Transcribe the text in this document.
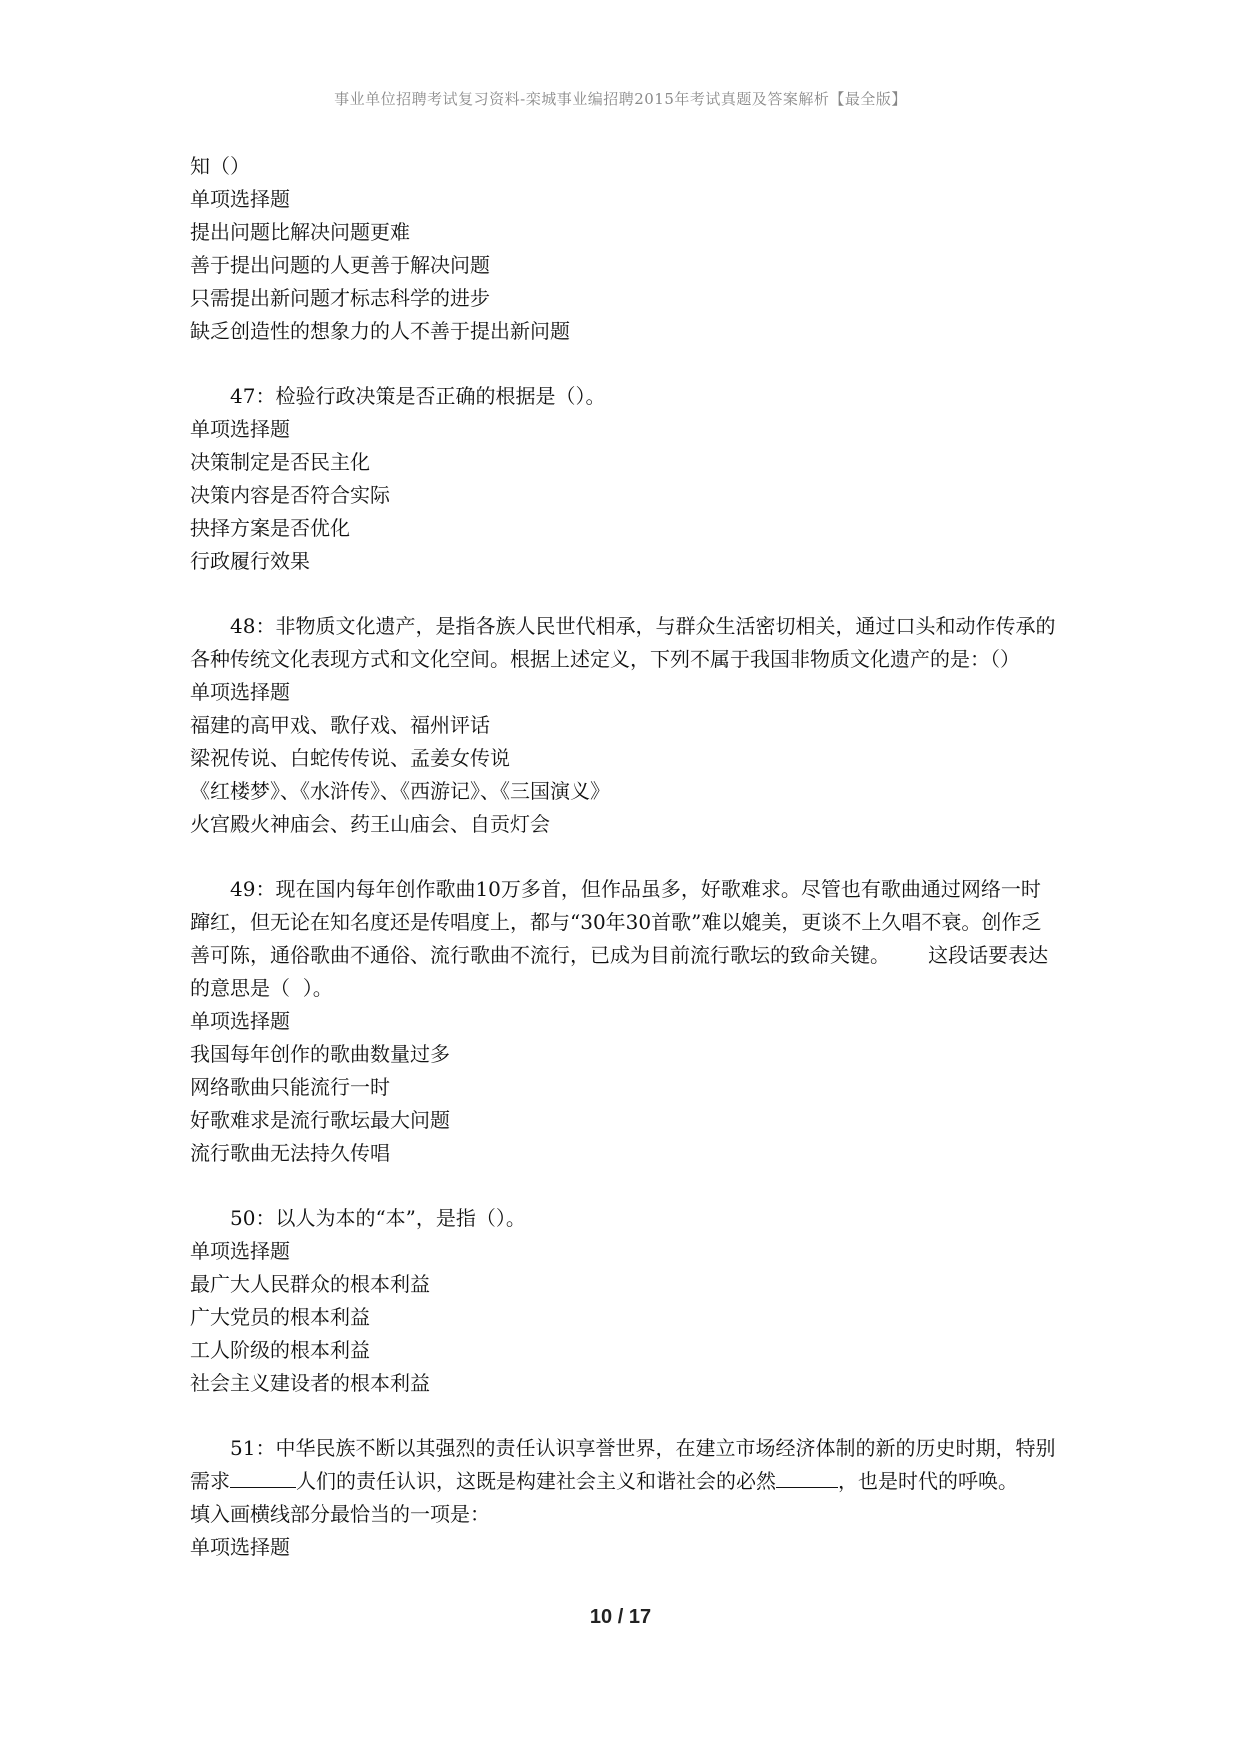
事业单位招聘考试复习资料-栾城事业编招聘2015年考试真题及答案解析【最全版】
知（）
单项选择题
提出问题比解决问题更难
善于提出问题的人更善于解决问题
只需提出新问题才标志科学的进步
缺乏创造性的想象力的人不善于提出新问题
47：检验行政决策是否正确的根据是（）。
单项选择题
决策制定是否民主化
决策内容是否符合实际
抉择方案是否优化
行政履行效果
48：非物质文化遗产，是指各族人民世代相承，与群众生活密切相关，通过口头和动作传承的各种传统文化表现方式和文化空间。根据上述定义，下列不属于我国非物质文化遗产的是：（）
单项选择题
福建的高甲戏、歌仔戏、福州评话
梁祝传说、白蛇传传说、孟姜女传说
《红楼梦》、《水浒传》、《西游记》、《三国演义》
火宫殿火神庙会、药王山庙会、自贡灯会
49：现在国内每年创作歌曲10万多首，但作品虽多，好歌难求。尽管也有歌曲通过网络一时蹿红，但无论在知名度还是传唱度上，都与“30年30首歌”难以媲美，更谈不上久唱不衰。创作乏善可陈，通俗歌曲不通俗、流行歌曲不流行，已成为目前流行歌坛的致命关键。      这段话要表达的意思是（  ）。
单项选择题
我国每年创作的歌曲数量过多
网络歌曲只能流行一时
好歌难求是流行歌坛最大问题
流行歌曲无法持久传唱
50：以人为本的“本”，是指（）。
单项选择题
最广大人民群众的根本利益
广大党员的根本利益
工人阶级的根本利益
社会主义建设者的根本利益
51：中华民族不断以其强烈的责任认识享誉世界，在建立市场经济体制的新的历史时期，特别需求	人们的责任认识，这既是构建社会主义和谐社会的必然	，也是时代的呼唤。      填入画横线部分最恰当的一项是：
单项选择题
10 / 17
